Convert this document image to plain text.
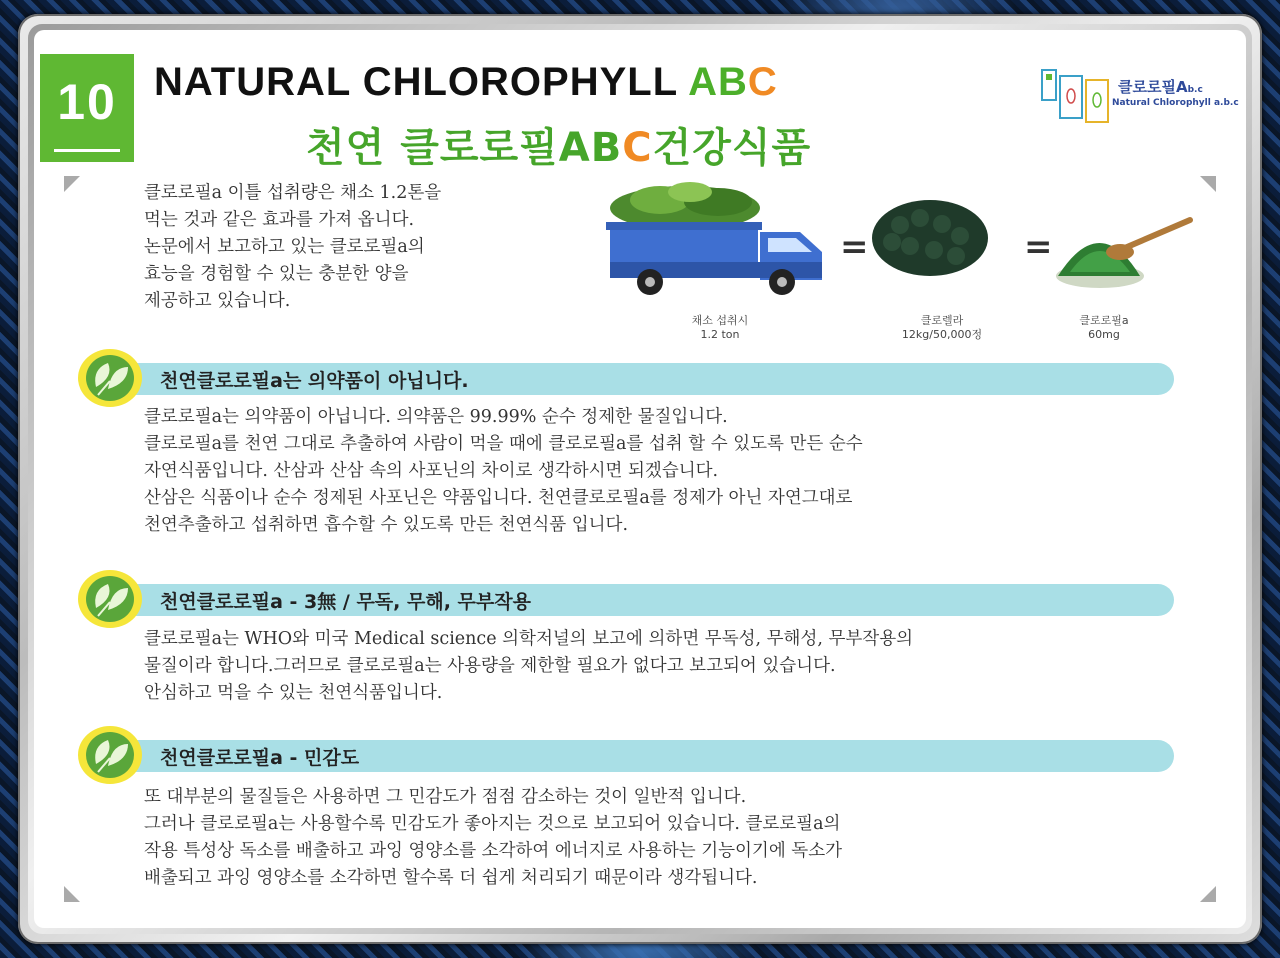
10 NATURAL CHLOROPHYLL ABC
천연 클로로필ABC건강식품
클로로필Ab.c
Natural Chlorophyll a.b.c
클로로필a 이틀 섭취량은 채소 1.2톤을
먹는 것과 같은 효과를 가져 옵니다.
논문에서 보고하고 있는 클로로필a의
효능을 경험할 수 있는 충분한 양을
제공하고 있습니다.
=	=
채소 섭취시
1.2 ton
클로렐라
12kg/50,000정
클로로필a
60mg
천연클로로필a는 의약품이 아닙니다.
클로로필a는 의약품이 아닙니다. 의약품은 99.99% 순수 정제한 물질입니다.
클로로필a를 천연 그대로 추출하여 사람이 먹을 때에 클로로필a를 섭취 할 수 있도록 만든 순수
자연식품입니다. 산삼과 산삼 속의 사포닌의 차이로 생각하시면 되겠습니다.
산삼은 식품이나 순수 정제된 사포닌은 약품입니다. 천연클로로필a를 정제가 아닌 자연그대로
천연추출하고 섭취하면 흡수할 수 있도록 만든 천연식품 입니다.
천연클로로필a - 3無 / 무독, 무해, 무부작용
클로로필a는 WHO와 미국 Medical science 의학저널의 보고에 의하면 무독성, 무해성, 무부작용의
물질이라 합니다.그러므로 클로로필a는 사용량을 제한할 필요가 없다고 보고되어 있습니다.
안심하고 먹을 수 있는 천연식품입니다.
천연클로로필a - 민감도
또 대부분의 물질들은 사용하면 그 민감도가 점점 감소하는 것이 일반적 입니다.
그러나 클로로필a는 사용할수록 민감도가 좋아지는 것으로 보고되어 있습니다. 클로로필a의
작용 특성상 독소를 배출하고 과잉 영양소를 소각하여 에너지로 사용하는 기능이기에 독소가
배출되고 과잉 영양소를 소각하면 할수록 더 쉽게 처리되기 때문이라 생각됩니다.
